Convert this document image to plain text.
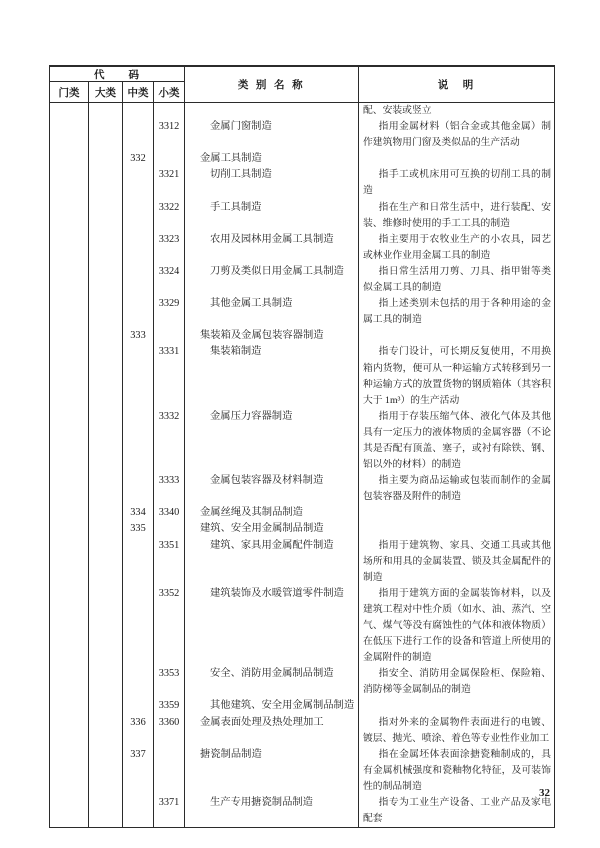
代　　码
类 别 名 称	说　明
门类	大类	中类 小类
配、安装或竖立
3312	金属门窗制造	指用金属材料（铝合金或其他金属）制作建筑物用门窗及类似品的生产活动
332	金属工具制造
3321	切削工具制造	指手工或机床用可互换的切削工具的制造
3322	手工具制造	指在生产和日常生活中，进行装配、安装、维修时使用的手工工具的制造
3323	农用及园林用金属工具制造	指主要用于农牧业生产的小农具，园艺或林业作业用金属工具的制造
3324	刀剪及类似日用金属工具制造	指日常生活用刀剪、刀具、指甲钳等类似金属工具的制造
3329	其他金属工具制造	指上述类别未包括的用于各种用途的金属工具的制造
333	集装箱及金属包装容器制造
3331	集装箱制造	指专门设计，可长期反复使用，不用换箱内货物，便可从一种运输方式转移到另一种运输方式的放置货物的钢质箱体（其容积大于 1m³）的生产活动
3332	金属压力容器制造	指用于存装压缩气体、液化气体及其他具有一定压力的液体物质的金属容器（不论其是否配有顶盖、塞子，或衬有除铁、钢、铝以外的材料）的制造
3333	金属包装容器及材料制造	指主要为商品运输或包装而制作的金属包装容器及附件的制造
334	3340	金属丝绳及其制品制造
335	建筑、安全用金属制品制造
3351	建筑、家具用金属配件制造	指用于建筑物、家具、交通工具或其他场所和用具的金属装置、锁及其金属配件的制造
3352	建筑装饰及水暖管道零件制造	指用于建筑方面的金属装饰材料，以及建筑工程对中性介质（如水、油、蒸汽、空气、煤气等没有腐蚀性的气体和液体物质）在低压下进行工作的设备和管道上所使用的金属附件的制造
3353	安全、消防用金属制品制造	指安全、消防用金属保险柜、保险箱、消防梯等金属制品的制造
3359	其他建筑、安全用金属制品制造
336	3360	金属表面处理及热处理加工	指对外来的金属物件表面进行的电镀、镀层、抛光、喷涂、着色等专业性作业加工
337	搪瓷制品制造	指在金属坯体表面涂搪瓷釉制成的，具有金属机械强度和瓷釉物化特征，及可装饰性的制品制造
3371	生产专用搪瓷制品制造	指专为工业生产设备、工业产品及家电配套
32
